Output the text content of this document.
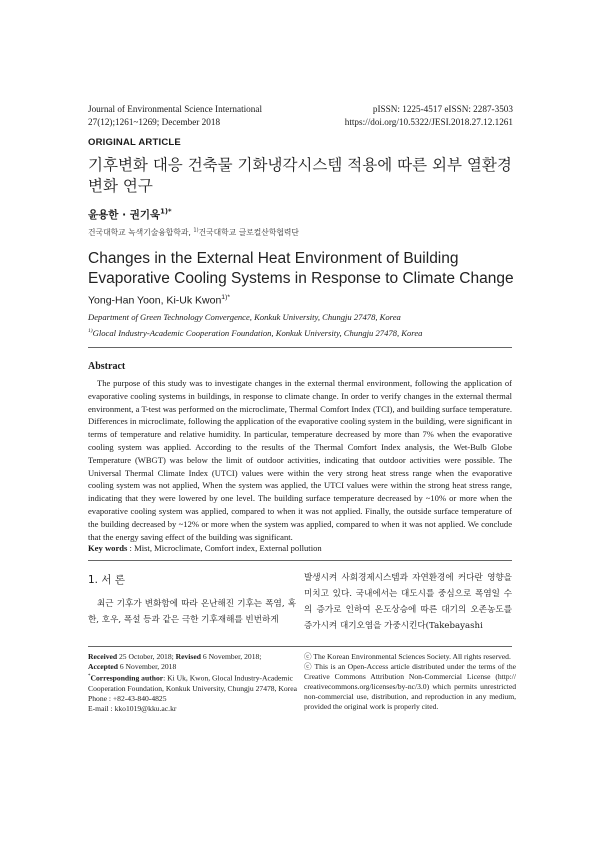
Journal of Environmental Science International
27(12);1261~1269; December 2018
pISSN: 1225-4517 eISSN: 2287-3503
https://doi.org/10.5322/JESI.2018.27.12.1261
ORIGINAL ARTICLE
기후변화 대응 건축물 기화냉각시스템 적용에 따른 외부 열환경 변화 연구
윤용한 · 권기욱$^{1)*}$
건국대학교 녹색기술융합학과, $^{1)}$건국대학교 글로컬산학협력단
Changes in the External Heat Environment of Building Evaporative Cooling Systems in Response to Climate Change
Yong-Han Yoon, Ki-Uk Kwon$^{1)*}$
Department of Green Technology Convergence, Konkuk University, Chungju 27478, Korea
$^{1)}$Glocal Industry-Academic Cooperation Foundation, Konkuk University, Chungju 27478, Korea
Abstract
The purpose of this study was to investigate changes in the external thermal environment, following the application of evaporative cooling systems in buildings, in response to climate change. In order to verify changes in the external thermal environment, a T-test was performed on the microclimate, Thermal Comfort Index (TCI), and building surface temperature. Differences in microclimate, following the application of the evaporative cooling system in the building, were significant in terms of temperature and relative humidity. In particular, temperature decreased by more than 7% when the evaporative cooling system was applied. According to the results of the Thermal Comfort Index analysis, the Wet-Bulb Globe Temperature (WBGT) was below the limit of outdoor activities, indicating that outdoor activities were possible. The Universal Thermal Climate Index (UTCI) values were within the very strong heat stress range when the evaporative cooling system was not applied, When the system was applied, the UTCI values were within the strong heat stress range, indicating that they were lowered by one level. The building surface temperature decreased by ~10% or more when the evaporative cooling system was applied, compared to when it was not applied. Finally, the outside surface temperature of the building decreased by ~12% or more when the system was applied, compared to when it was not applied. We conclude that the energy saving effect of the building was significant.
Key words : Mist, Microclimate, Comfort index, External pollution
1. 서 론
최근 기후가 변화함에 따라 온난해진 기후는 폭염, 혹한, 호우, 폭설 등과 같은 극한 기후재해를 빈번하게
발생시켜 사회경제시스템과 자연환경에 커다란 영향을 미치고 있다. 국내에서는 대도시를 중심으로 폭염일 수의 증가로 인하여 온도상승에 따른 대기의 오존농도를 증가시켜 대기오염을 가중시킨다(Takebayashi
Received 25 October, 2018; Revised 6 November, 2018;
Accepted 6 November, 2018
*Corresponding author: Ki Uk, Kwon, Glocal Industry-Academic Cooperation Foundation, Konkuk University, Chungju 27478, Korea
Phone : +82-43-840-4825
E-mail : kko1019@kku.ac.kr
ⓒ The Korean Environmental Sciences Society. All rights reserved.
ⓒ This is an Open-Access article distributed under the terms of the Creative Commons Attribution Non-Commercial License (http:// creativecommons.org/licenses/by-nc/3.0) which permits unrestricted non-commercial use, distribution, and reproduction in any medium, provided the original work is properly cited.
